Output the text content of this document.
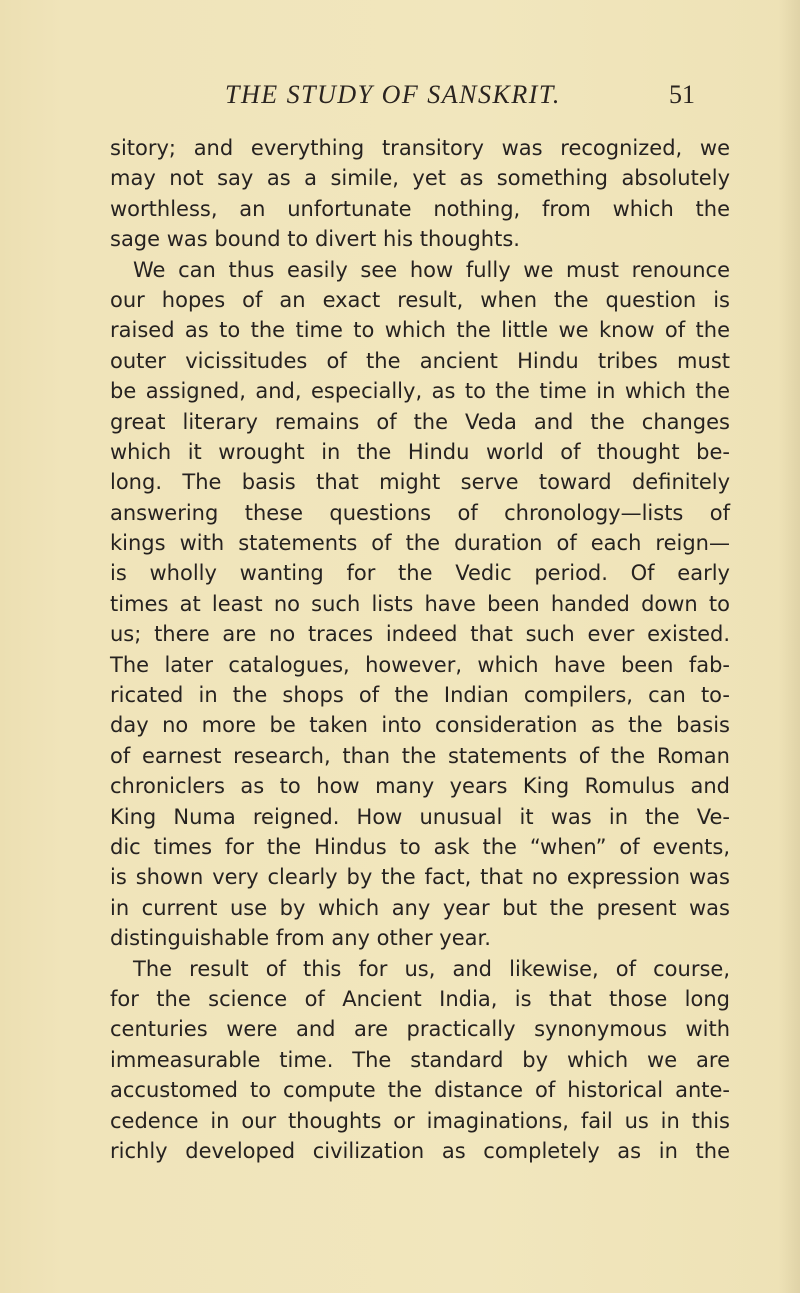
THE STUDY OF SANSKRIT.	51
sitory; and everything transitory was recognized, we
may not say as a simile, yet as something absolutely
worthless, an unfortunate nothing, from which the
sage was bound to divert his thoughts.
We can thus easily see how fully we must renounce
our hopes of an exact result, when the question is
raised as to the time to which the little we know of the
outer vicissitudes of the ancient Hindu tribes must
be assigned, and, especially, as to the time in which the
great literary remains of the Veda and the changes
which it wrought in the Hindu world of thought be-
long. The basis that might serve toward definitely
answering these questions of chronology—lists of
kings with statements of the duration of each reign—
is wholly wanting for the Vedic period. Of early
times at least no such lists have been handed down to
us; there are no traces indeed that such ever existed.
The later catalogues, however, which have been fab-
ricated in the shops of the Indian compilers, can to-
day no more be taken into consideration as the basis
of earnest research, than the statements of the Roman
chroniclers as to how many years King Romulus and
King Numa reigned. How unusual it was in the Ve-
dic times for the Hindus to ask the “when” of events,
is shown very clearly by the fact, that no expression was
in current use by which any year but the present was
distinguishable from any other year.
The result of this for us, and likewise, of course,
for the science of Ancient India, is that those long
centuries were and are practically synonymous with
immeasurable time. The standard by which we are
accustomed to compute the distance of historical ante-
cedence in our thoughts or imaginations, fail us in this
richly developed civilization as completely as in the
